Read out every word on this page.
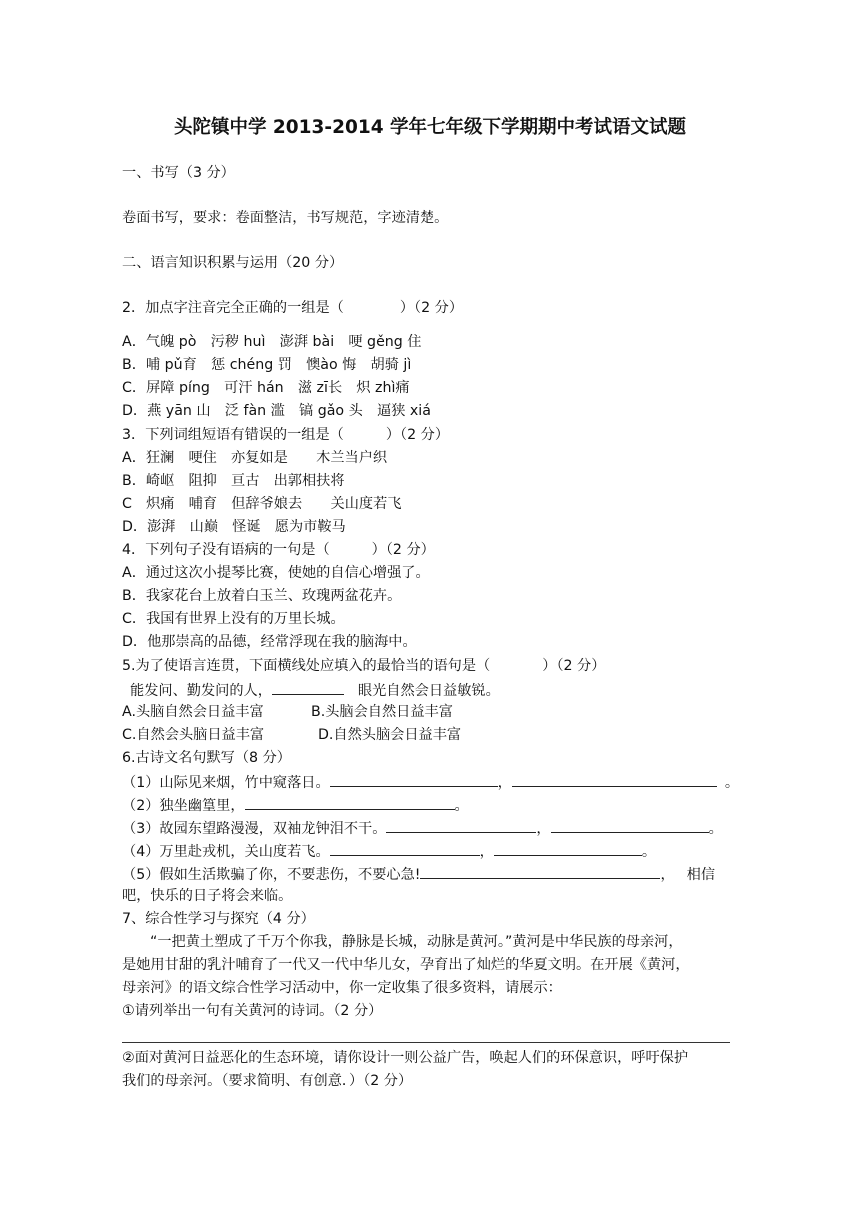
头陀镇中学 2013-2014 学年七年级下学期期中考试语文试题
一、书写（3 分）
卷面书写，要求：卷面整洁，书写规范，字迹清楚。
二、语言知识积累与运用（20 分）
2．加点字注音完全正确的一组是（	）（2 分）
A．气魄 pò　污秽 huì　澎湃 bài　哽 gěng 住
B．哺 pǔ育　惩 chéng 罚　懊ào 悔　胡骑 jì
C．屏障 píng　可汗 hán　滋 zī长　炽 zhì痛
D．燕 yān 山　泛 fàn 滥　镐 gǎo 头　逼狭 xiá
3．下列词组短语有错误的一组是（	）（2 分）
A．狂澜　哽住　亦复如是　　木兰当户织
B．崎岖　阻抑　亘古　出郭相扶将
C　炽痛　哺育　但辞爷娘去　　关山度若飞
D．澎湃　山巅　怪诞　愿为市鞍马
4．下列句子没有语病的一句是（	）（2 分）
A．通过这次小提琴比赛，使她的自信心增强了。
B．我家花台上放着白玉兰、玫瑰两盆花卉。
C．我国有世界上没有的万里长城。
D．他那崇高的品德，经常浮现在我的脑海中。
5.为了使语言连贯，下面横线处应填入的最恰当的语句是（	）（2 分）
能发问、勤发问的人，	眼光自然会日益敏锐。
A.头脑自然会日益丰富	B.头脑会自然日益丰富
C.自然会头脑日益丰富	D.自然头脑会日益丰富
6.古诗文名句默写（8 分）
（1）山际见来烟，竹中窥落日。	，	。
（2）独坐幽篁里，	。
（3）故园东望路漫漫，双袖龙钟泪不干。	，	。
（4）万里赴戎机，关山度若飞。	，	。
（5）假如生活欺骗了你，不要悲伤，不要心急!	， 相信
吧，快乐的日子将会来临。
7、综合性学习与探究（4 分）
“一把黄土塑成了千万个你我，静脉是长城，动脉是黄河。”黄河是中华民族的母亲河，
是她用甘甜的乳汁哺育了一代又一代中华儿女，孕育出了灿烂的华夏文明。在开展《黄河，
母亲河》的语文综合性学习活动中，你一定收集了很多资料，请展示：
①请列举出一句有关黄河的诗词。（2 分）
②面对黄河日益恶化的生态环境，请你设计一则公益广告，唤起人们的环保意识，呼吁保护
我们的母亲河。（要求简明、有创意．）（2 分）
